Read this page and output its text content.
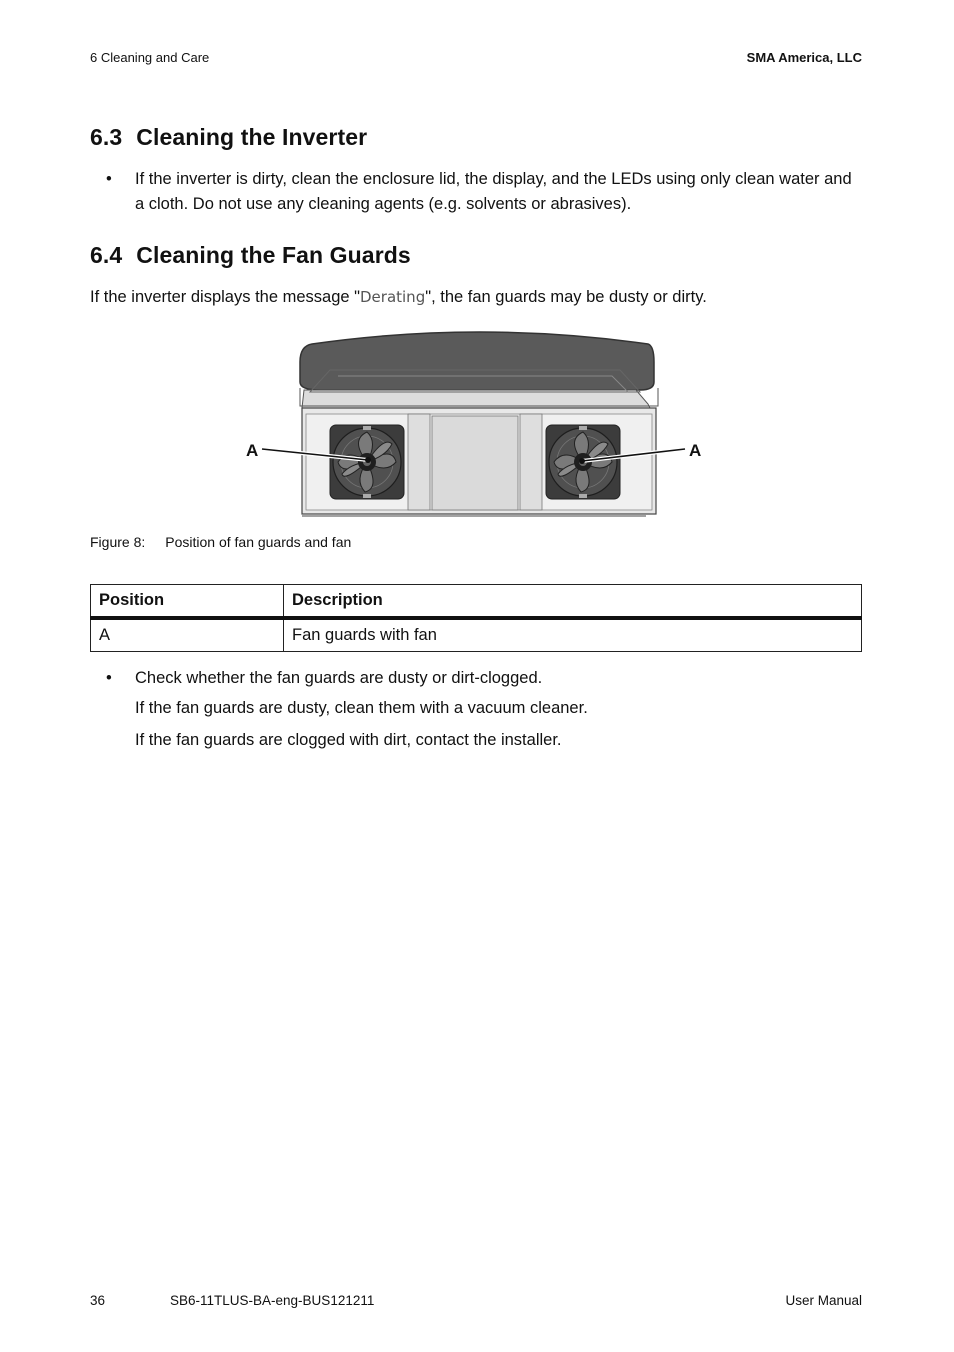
6 Cleaning and Care	SMA America, LLC
6.3 Cleaning the Inverter
• If the inverter is dirty, clean the enclosure lid, the display, and the LEDs using only clean water and a cloth. Do not use any cleaning agents (e.g. solvents or abrasives).
6.4 Cleaning the Fan Guards
If the inverter displays the message "Derating", the fan guards may be dusty or dirty.
A	A
Figure 8: Position of fan guards and fan
Position	Description
A	Fan guards with fan
• Check whether the fan guards are dusty or dirt-clogged.
If the fan guards are dusty, clean them with a vacuum cleaner.
If the fan guards are clogged with dirt, contact the installer.
36	SB6-11TLUS-BA-eng-BUS121211	User Manual
